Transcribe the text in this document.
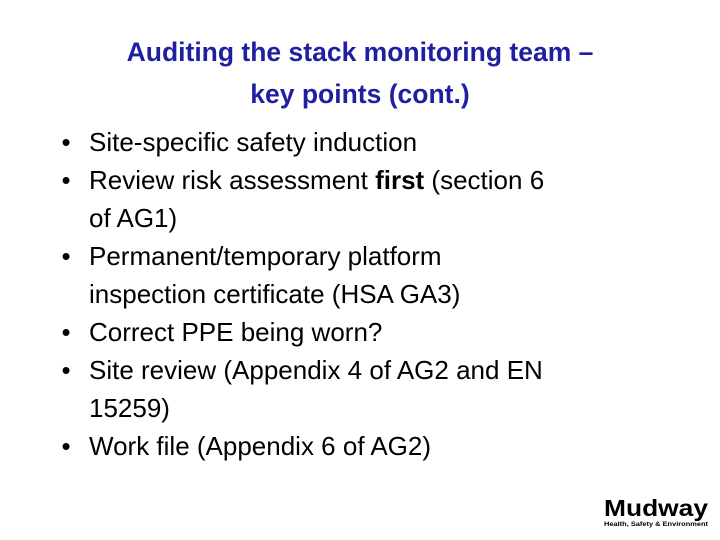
Auditing the stack monitoring team –
key points (cont.)
• Site-specific safety induction
• Review risk assessment first (section 6
of AG1)
• Permanent/temporary platform
inspection certificate (HSA GA3)
• Correct PPE being worn?
• Site review (Appendix 4 of AG2 and EN
15259)
• Work file (Appendix 6 of AG2)
Mudway
Health, Safety & Environment
